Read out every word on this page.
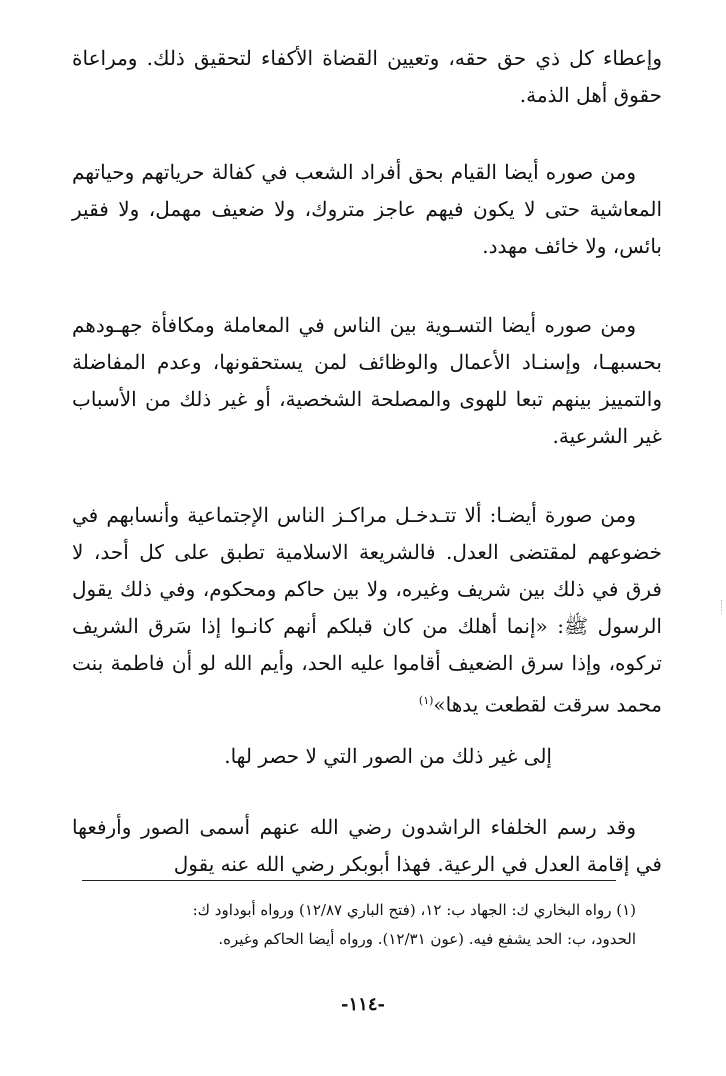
وإعطاء كل ذي حق حقه، وتعيين القضاة الأكفاء لتحقيق ذلك. ومراعاة حقوق أهل الذمة.

ومن صوره أيضا القيام بحق أفراد الشعب في كفالة حرياتهم وحياتهم المعاشية حتى لا يكون فيهم عاجز متروك، ولا ضعيف مهمل، ولا فقير بائس، ولا خائف مهدد.

ومن صوره أيضا التسـوية بين الناس في المعاملة ومكافأة جهـودهم بحسبهـا، وإسنـاد الأعمال والوظائف لمن يستحقونها، وعدم المفاضلة والتمييز بينهم تبعا للهوى والمصلحة الشخصية، أو غير ذلك من الأسباب غير الشرعية.

ومن صورة أيضـا: ألا تتـدخـل مراكـز الناس الإجتماعية وأنسابهم في خضوعهم لمقتضى العدل. فالشريعة الاسلامية تطبق على كل أحد، لا فرق في ذلك بين شريف وغيره، ولا بين حاكم ومحكوم، وفي ذلك يقول الرسول ﷺ: «إنما أهلك من كان قبلكم أنهم كانـوا إذا سَرق الشريف تركوه، وإذا سرق الضعيف أقاموا عليه الحد، وأيم الله لو أن فاطمة بنت محمد سرقت لقطعت يدها»$^{(١)}$

إلى غير ذلك من الصور التي لا حصر لها.

وقد رسم الخلفاء الراشدون رضي الله عنهم أسمى الصور وأرفعها في إقامة العدل في الرعية. فهذا أبوبكر رضي الله عنه يقول

(١) رواه البخاري ك: الجهاد ب: ١٢، (فتح الباري ١٢/٨٧) ورواه أبوداود ك:

الحدود، ب: الحد يشفع فيه. (عون ١٢/٣١). ورواه أيضا الحاكم وغيره.

-١١٤-
